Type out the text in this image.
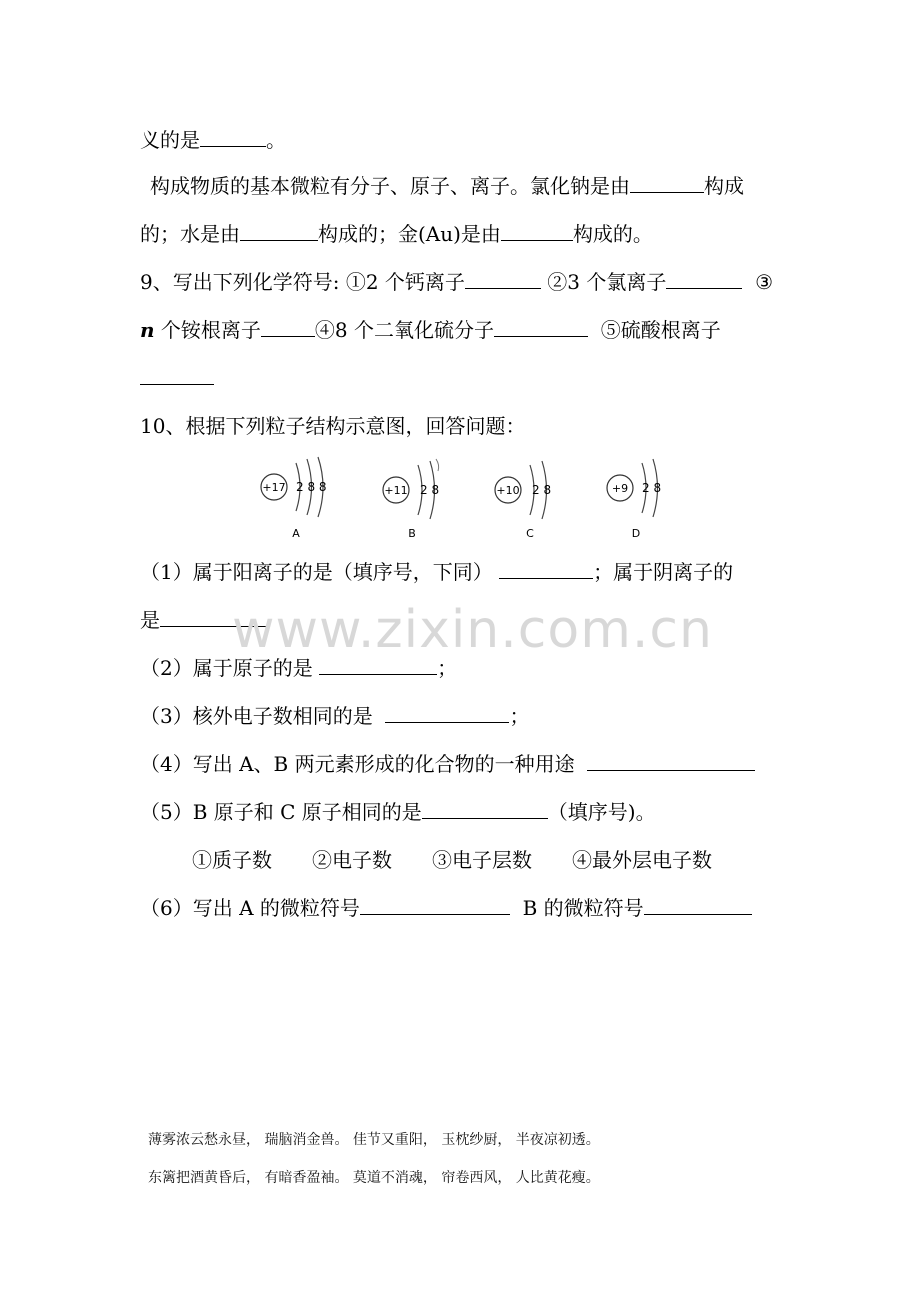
义的是	。
构成物质的基本微粒有分子、原子、离子。氯化钠是由	构成
的；水是由	构成的；金(Au)是由	构成的。
9、写出下列化学符号: ①2 个钙离子	②3 个氯离子	③
n 个铵根离子	④8 个二氧化硫分子	⑤硫酸根离子
10、根据下列粒子结构示意图，回答问题：
+17 2 8 8
A
+11 2 8
B
+10 2 8
C
+9 2 8
D
（1）属于阳离子的是（填序号，下同）	；属于阴离子的
是	www.zixin.com.cn
（2）属于原子的是	；
（3）核外电子数相同的是	；
（4）写出 A、B 两元素形成的化合物的一种用途
（5）B 原子和 C 原子相同的是	（填序号)。
①质子数　　②电子数　　③电子层数　　④最外层电子数
（6）写出 A 的微粒符号	B 的微粒符号
薄雾浓云愁永昼， 瑞脑消金兽。 佳节又重阳， 玉枕纱厨， 半夜凉初透。
东篱把酒黄昏后， 有暗香盈袖。 莫道不消魂， 帘卷西风， 人比黄花瘦。
